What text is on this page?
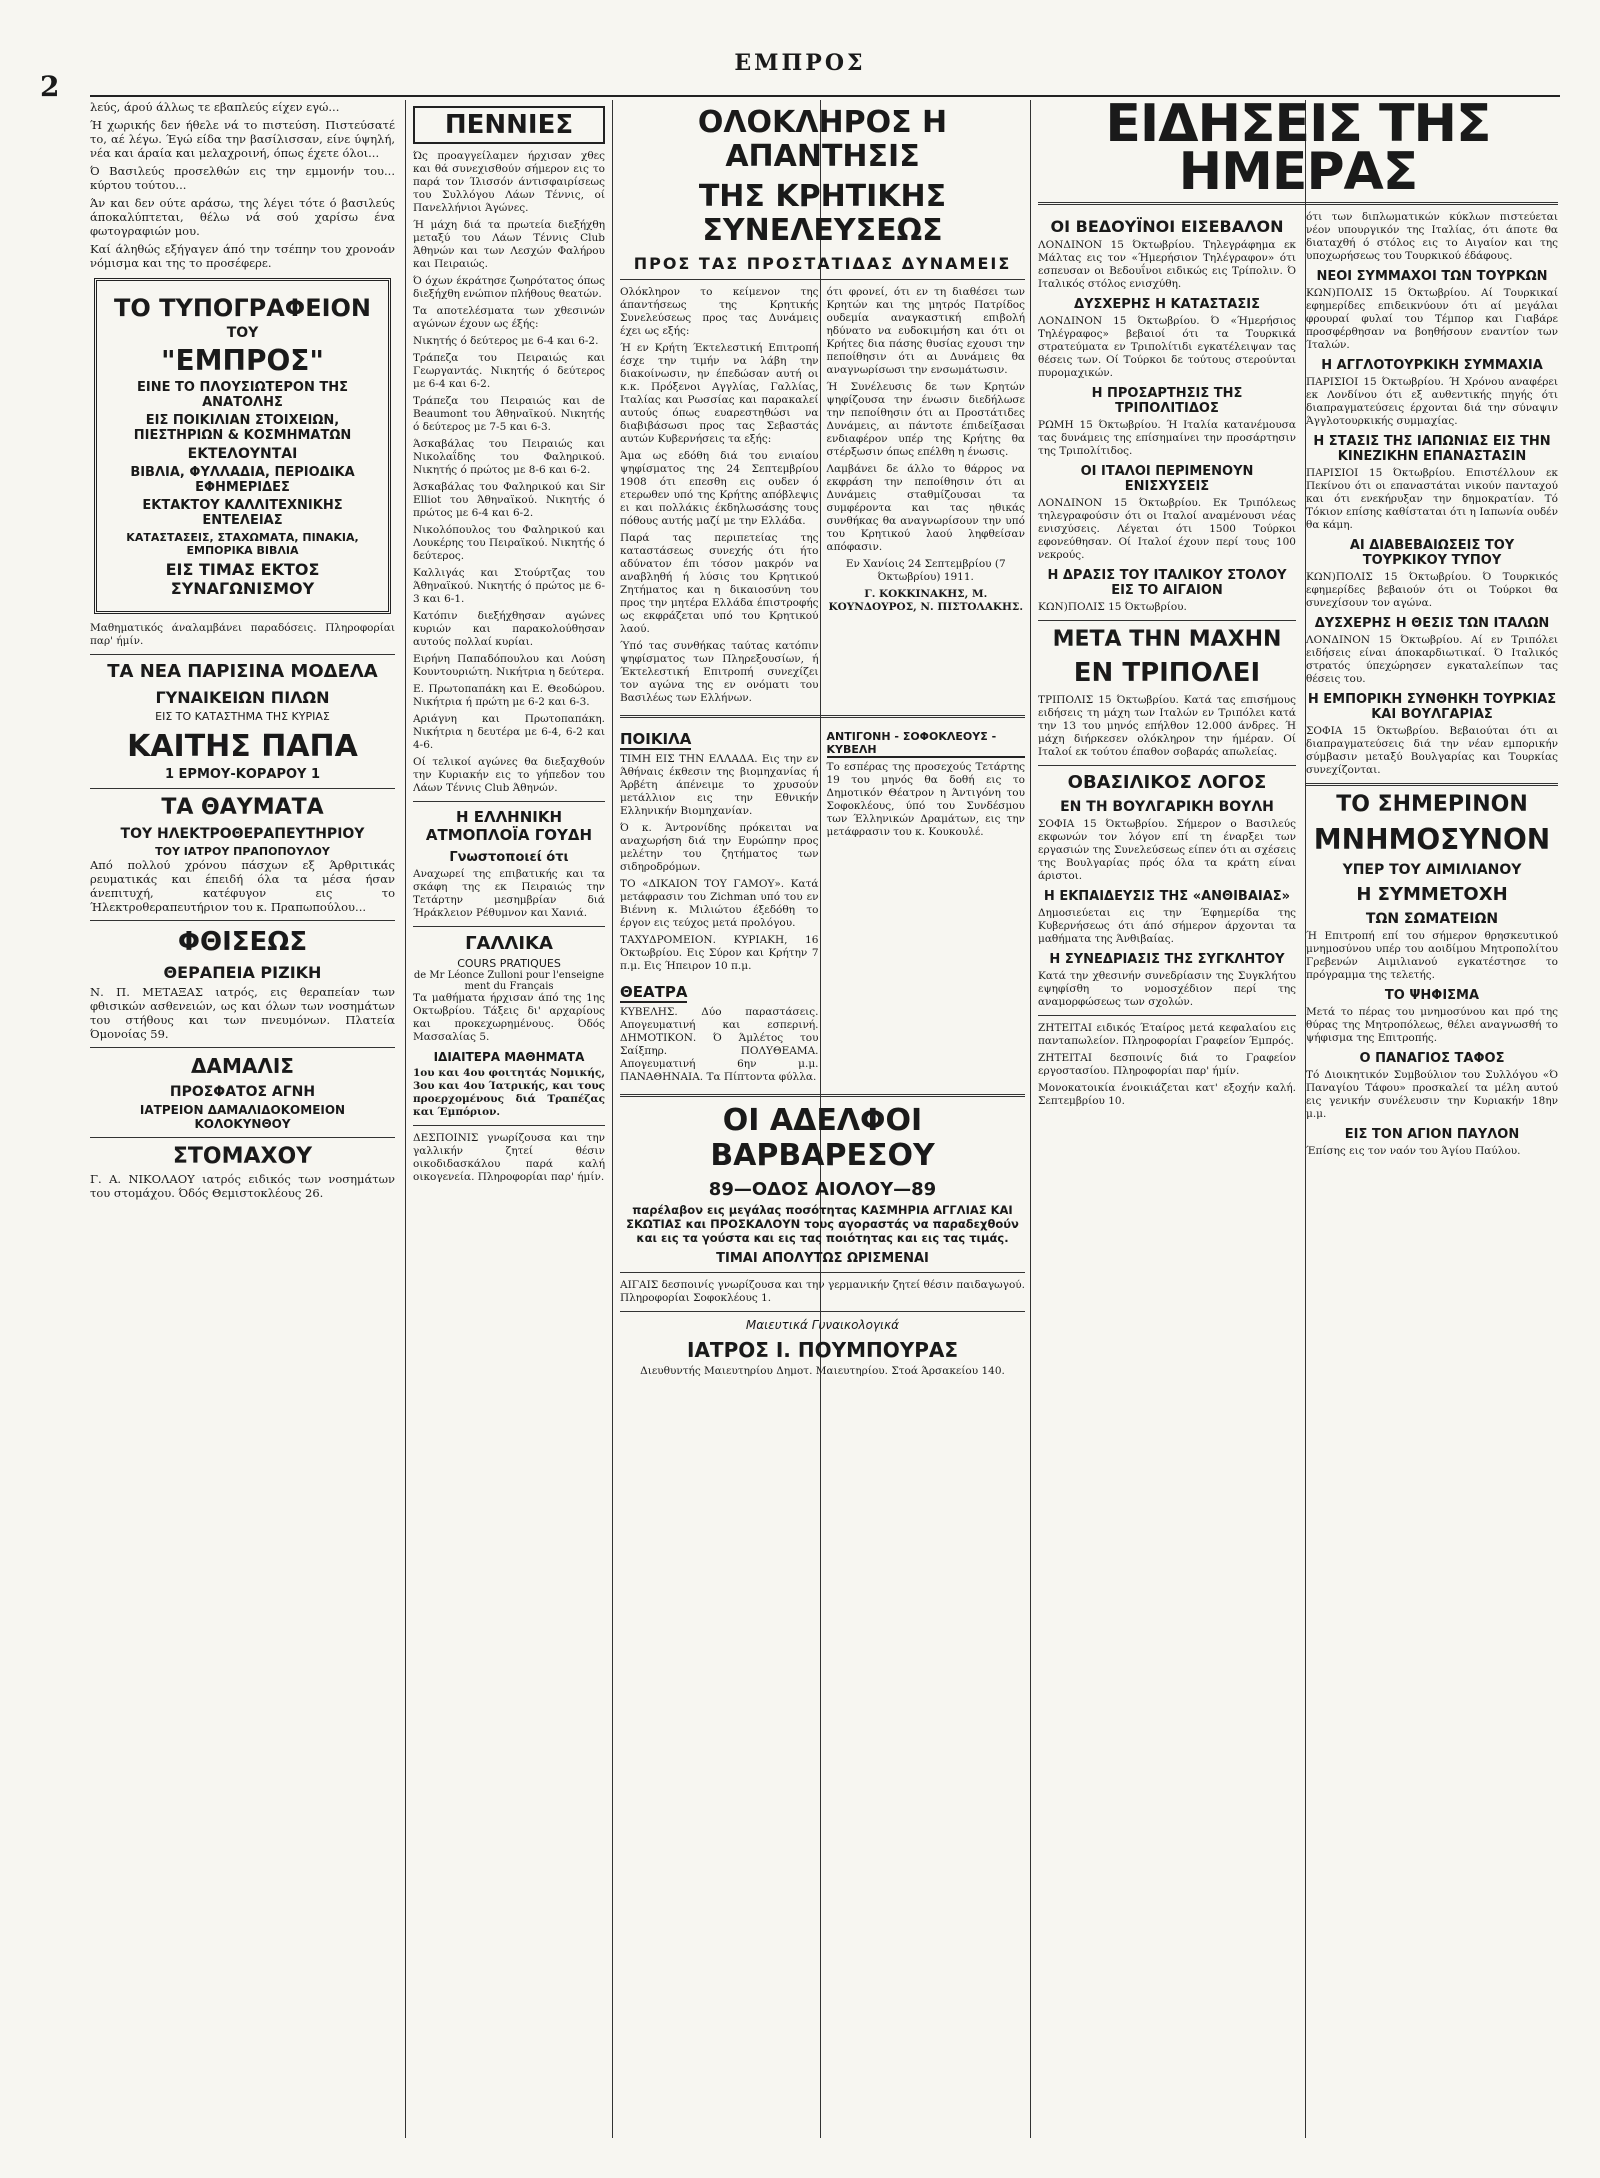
2
ΕΜΠΡΟΣ

λεύς, άρού άλλως τε εβαπλεύς είχεν εγώ...

Ή χωρικής δεν ήθελε νά το πιστεύση. Πιστεύσατέ το, αέ λέγω. Έγώ είδα την βασίλισσαν, είνε ύψηλή, νέα και άραία και μελαχροινή, όπως έχετε όλοι...

Ό Βασιλεύς προσελθών εις την εμμονήν του... κύρτου τούτου...

Άν και δεν ούτε αράσω, της λέγει τότε ό βασιλεύς άποκαλύπτεται, θέλω νά σού χαρίσω ένα φωτογραφιών μου.

Καί άληθώς εξήγαγεν άπό την τσέπην του χρονοάν νόμισμα και της το προσέφερε.

ΤΟ ΤΥΠΟΓΡΑΦΕΙΟΝ

ΤΟΥ

"ΕΜΠΡΟΣ"

ΕΙΝΕ ΤΟ ΠΛΟΥΣΙΩΤΕΡΟΝ ΤΗΣ ΑΝΑΤΟΛΗΣ

ΕΙΣ ΠΟΙΚΙΛΙΑΝ ΣΤΟΙΧΕΙΩΝ, ΠΙΕΣΤΗΡΙΩΝ & ΚΟΣΜΗΜΑΤΩΝ

ΕΚΤΕΛΟΥΝΤΑΙ

ΒΙΒΛΙΑ, ΦΥΛΛΑΔΙΑ, ΠΕΡΙΟΔΙΚΑ ΕΦΗΜΕΡΙΔΕΣ

ΕΚΤΑΚΤΟΥ ΚΑΛΛΙΤΕΧΝΙΚΗΣ ΕΝΤΕΛΕΙΑΣ

ΚΑΤΑΣΤΑΣΕΙΣ, ΣΤΑΧΩΜΑΤΑ, ΠΙΝΑΚΙΑ, ΕΜΠΟΡΙΚΑ ΒΙΒΛΙΑ

ΕΙΣ ΤΙΜΑΣ ΕΚΤΟΣ ΣΥΝΑΓΩΝΙΣΜΟΥ

Μαθηματικός άναλαμβάνει παραδόσεις. Πληροφορίαι παρ' ήμίν.

ΤΑ ΝΕΑ ΠΑΡΙΣΙΝΑ ΜΟΔΕΛΑ
ΓΥΝΑΙΚΕΙΩΝ ΠΙΛΩΝ
ΕΙΣ ΤΟ ΚΑΤΑΣΤΗΜΑ ΤΗΣ ΚΥΡΙΑΣ
ΚΑΙΤΗΣ ΠΑΠΑ
1 ΕΡΜΟΥ-ΚΟΡΑΡΟΥ 1
ΤΑ ΘΑΥΜΑΤΑ
ΤΟΥ ΗΛΕΚΤΡΟΘΕΡΑΠΕΥΤΗΡΙΟΥ
ΤΟΥ ΙΑΤΡΟΥ ΠΡΑΠΟΠΟΥΛΟΥ

Από πολλού χρόνου πάσχων εξ Άρθριτικάς ρευματικάς και έπειδή όλα τα μέσα ήσαν άνεπιτυχή, κατέφυγον εις το Ήλεκτροθεραπευτήριον του κ. Πραπωπούλου...

ΦΘΙΣΕΩΣ
ΘΕΡΑΠΕΙΑ ΡΙΖΙΚΗ

Ν. Π. ΜΕΤΑΞΑΣ ιατρός, εις θεραπείαν των φθισικών ασθενειών, ως και όλων των νοσημάτων του στήθους και των πνευμόνων. Πλατεία Όμονοίας 59.

ΔΑΜΑΛΙΣ
ΠΡΟΣΦΑΤΟΣ ΑΓΝΗ
ΙΑΤΡΕΙΟΝ ΔΑΜΑΛΙΔΟΚΟΜΕΙΟΝ ΚΟΛΟΚΥΝΘΟΥ
ΣΤΟΜΑΧΟΥ

Γ. Α. ΝΙΚΟΛΑΟΥ ιατρός ειδικός των νοσημάτων του στομάχου. Όδός Θεμιστοκλέους 26.

ΠΕΝΝΙΕΣ

Ώς προαγγείλαμεν ήρχισαν χθες και θά συνεχισθούν σήμερον εις το παρά τον Ίλισσόν άντισφαιρίσεως του Συλλόγου Λάων Τέννις, οί Πανελλήνιοι Άγώνες.

Ή μάχη διά τα πρωτεία διεξήχθη μεταξύ του Λάων Τέννις Club Άθηνών και των Λεσχών Φαλήρου και Πειραιώς.

Ό όχων έκράτησε ζωηρότατος όπως διεξήχθη ενώπιον πλήθους θεατών.

Τα αποτελέσματα των χθεσινών αγώνων έχουν ως έξής:

Νικητής ό δεύτερος με 6-4 και 6-2.

Τράπεζα του Πειραιώς και Γεωργαντάς. Νικητής ό δεύτερος με 6-4 και 6-2.

Τράπεζα του Πειραιώς και de Beaumont του Άθηναϊκού. Νικητής ό δεύτερος με 7-5 και 6-3.

Άσκαβάλας του Πειραιώς και Νικολαΐδης του Φαληρικού. Νικητής ό πρώτος με 8-6 και 6-2.

Άσκαβάλας του Φαληρικού και Sir Elliot του Άθηναϊκού. Νικητής ό πρώτος με 6-4 και 6-2.

Νικολόπουλος του Φαληρικού και Λουκέρης του Πειραϊκού. Νικητής ό δεύτερος.

Καλλιγάς και Στούρτζας του Άθηναϊκού. Νικητής ό πρώτος με 6-3 και 6-1.

Κατόπιν διεξήχθησαν αγώνες κυριών και παρακολούθησαν αυτούς πολλαί κυρίαι.

Ειρήνη Παπαδόπουλου και Λούση Κουντουριώτη. Νικήτρια η δεύτερα.

Ε. Πρωτοπαπάκη και Ε. Θεοδώρου. Νικήτρια ή πρώτη με 6-2 και 6-3.

Αριάγνη και Πρωτοπαπάκη. Νικήτρια η δευτέρα με 6-4, 6-2 και 4-6.

Οί τελικοί αγώνες θα διεξαχθούν την Κυριακήν εις το γήπεδον του Λάων Τέννις Club Άθηνών.

Η ΕΛΛΗΝΙΚΗ ΑΤΜΟΠΛΟΪΑ ΓΟΥΔΗ
Γνωστοποιεί ότι

Αναχωρεί της επιβατικής και τα σκάφη της εκ Πειραιώς την Τετάρτην μεσημβρίαν διά Ήράκλειον Ρέθυμνον και Χανιά.

ΓΑΛΛΙΚΑ
COURS PRATIQUES
de Mr Léonce Zulloni pour l'enseigne ment du Français

Τα μαθήματα ήρχισαν άπό της 1ης Οκτωβρίου. Τάξεις δι' αρχαρίους και προκεχωρημένους. Όδός Μασσαλίας 5.

ΙΔΙΑΙΤΕΡΑ ΜΑΘΗΜΑΤΑ

1ου και 4ου φοιτητάς Νομικής, 3ου και 4ου Ίατρικής, και τους προερχομένους διά Τραπέζας και Έμπόριον.

ΔΕΣΠΟΙΝΙΣ γνωρίζουσα και την γαλλικήν ζητεί θέσιν οικοδιδασκάλου παρά καλή οικογενεία. Πληροφορίαι παρ' ήμίν.

ΟΛΟΚΛΗΡΟΣ Η ΑΠΑΝΤΗΣΙΣ
ΤΗΣ ΚΡΗΤΙΚΗΣ ΣΥΝΕΛΕΥΣΕΩΣ
ΠΡΟΣ ΤΑΣ ΠΡΟΣΤΑΤΙΔΑΣ ΔΥΝΑΜΕΙΣ

Ολόκληρον το κείμενον της άπαντήσεως της Κρητικής Συνελεύσεως προς τας Δυνάμεις έχει ως εξής:

Ή εν Κρήτη Έκτελεστική Επιτροπή έσχε την τιμήν να λάβη την διακοίνωσιν, ην έπεδώσαν αυτή οι κ.κ. Πρόξενοι Αγγλίας, Γαλλίας, Ιταλίας και Ρωσσίας και παρακαλεί αυτούς όπως ευαρεστηθώσι να διαβιβάσωσι προς τας Σεβαστάς αυτών Κυβερνήσεις τα εξής:

Άμα ως εδόθη διά του ενιαίου ψηφίσματος της 24 Σεπτεμβρίου 1908 ότι επεσθη εις ουδεν ό ετερωθεν υπό της Κρήτης απόβλεψις ει και πολλάκις έκδηλωσάσης τους πόθους αυτής μαζί με την Ελλάδα.

Παρά τας περιπετείας της καταστάσεως συνεχής ότι ήτο αδύνατον έπι τόσον μακρόν να αναβληθή ή λύσις του Κρητικού Ζητήματος και η δικαιοσύνη του προς την μητέρα Ελλάδα έπιστροφής ως εκφράζεται υπό του Κρητικού λαού.

Ύπό τας συνθήκας ταύτας κατόπιν ψηφίσματος των Πληρεξουσίων, ή Έκτελεστική Επιτροπή συνεχίζει τον αγώνα της εν ονόματι του Βασιλέως των Ελλήνων.

ότι φρονεί, ότι εν τη διαθέσει των Κρητών και της μητρός Πατρίδος ουδεμία αναγκαστική επιβολή ηδύνατο να ευδοκιμήση και ότι οι Κρήτες δια πάσης θυσίας εχουσι την πεποίθησιν ότι αι Δυνάμεις θα αναγνωρίσωσι την ενσωμάτωσιν.

Ή Συνέλευσις δε των Κρητών ψηφίζουσα την ένωσιν διεδήλωσε την πεποίθησιν ότι αι Προστάτιδες Δυνάμεις, αι πάντοτε έπιδείξασαι ενδιαφέρον υπέρ της Κρήτης θα στέρξωσιν όπως επέλθη η ένωσις.

Λαμβάνει δε άλλο το θάρρος να εκφράση την πεποίθησιν ότι αι Δυνάμεις σταθμίζουσαι τα συμφέροντα και τας ηθικάς συνθήκας θα αναγνωρίσουν την υπό του Κρητικού λαού ληφθείσαν απόφασιν.

Εν Χανίοις 24 Σεπτεμβρίου (7 Όκτωβρίου) 1911.

Γ. ΚΟΚΚΙΝΑΚΗΣ, Μ. ΚΟΥΝΔΟΥΡΟΣ, Ν. ΠΙΣΤΟΛΑΚΗΣ.

ΠΟΙΚΙΛΑ

ΤΙΜΗ ΕΙΣ ΤΗΝ ΕΛΛΑΔΑ. Εις την εν Άθήναις έκθεσιν της βιομηχανίας ή Άρβέτη άπένειμε το χρυσούν μετάλλιον εις την Εθνικήν Ελληνικήν Βιομηχανίαν.

Ό κ. Άντρονίδης πρόκειται να αναχωρήση διά την Ευρώπην προς μελέτην του ζητήματος των σιδηροδρόμων.

ΤΟ «ΔΙΚΑΙΟΝ ΤΟΥ ΓΑΜΟΥ». Κατά μετάφρασιν του Zichman υπό του εν Βιέννη κ. Μιλιώτου έξεδόθη το έργον εις τεύχος μετά προλόγου.

ΤΑΧΥΔΡΟΜΕΙΟΝ. ΚΥΡΙΑΚΗ, 16 Όκτωβρίου. Εις Σύρον και Κρήτην 7 π.μ. Εις Ήπειρον 10 π.μ.

ΘΕΑΤΡΑ

ΚΥΒΕΛΗΣ. Δύο παραστάσεις. Απογευματινή και εσπερινή. ΔΗΜΟΤΙΚΟΝ. Ό Άμλέτος του Σαίξπηρ. ΠΟΛΥΘΕΑΜΑ. Απογευματινή 6ην μ.μ. ΠΑΝΑΘΗΝΑΙΑ. Τα Πίπτοντα φύλλα.

ΑΝΤΙΓΟΝΗ - ΣΟΦΟΚΛΕΟΥΣ - ΚΥΒΕΛΗ

Το εσπέρας της προσεχούς Τετάρτης 19 του μηνός θα δοθή εις το Δημοτικόν Θέατρον η Άντιγόνη του Σοφοκλέους, ύπό του Συνδέσμου των Έλληνικών Δραμάτων, εις την μετάφρασιν του κ. Κουκουλέ.

ΟΙ ΑΔΕΛΦΟΙ ΒΑΡΒΑΡΕΣΟΥ
89—ΟΔΟΣ ΑΙΟΛΟΥ—89

παρέλαβον εις μεγάλας ποσότητας ΚΑΣΜΗΡΙΑ ΑΓΓΛΙΑΣ ΚΑΙ ΣΚΩΤΙΑΣ και ΠΡΟΣΚΑΛΟΥΝ τους αγοραστάς να παραδεχθούν και εις τα γούστα και εις τας ποιότητας και εις τας τιμάς.

ΤΙΜΑΙ ΑΠΟΛΥΤΩΣ ΩΡΙΣΜΕΝΑΙ

ΑΙΓΑΙΣ δεσποινίς γνωρίζουσα και την γερμανικήν ζητεί θέσιν παιδαγωγού. Πληροφορίαι Σοφοκλέους 1.

Μαιευτικά Γυναικολογικά
ΙΑΤΡΟΣ Ι. ΠΟΥΜΠΟΥΡΑΣ

Διευθυντής Μαιευτηρίου Δημοτ. Μαιευτηρίου. Στοά Άρσακείου 140.

ΕΙΔΗΣΕΙΣ ΤΗΣ ΗΜΕΡΑΣ
ΟΙ ΒΕΔΟΥΪΝΟΙ ΕΙΣΕΒΑΛΟΝ

ΛΟΝΔΙΝΟΝ 15 Όκτωβρίου. Τηλεγράφημα εκ Μάλτας εις τον «Ήμερήσιον Τηλέγραφον» ότι εσπευσαν οι Βεδουΐνοι ειδικώς εις Τρίπολιν. Ό Ιταλικός στόλος ενισχύθη.

ΔΥΣΧΕΡΗΣ Η ΚΑΤΑΣΤΑΣΙΣ

ΛΟΝΔΙΝΟΝ 15 Όκτωβρίου. Ό «Ήμερήσιος Τηλέγραφος» βεβαιοί ότι τα Τουρκικά στρατεύματα εν Τριπολίτιδι εγκατέλειψαν τας θέσεις των. Οί Τούρκοι δε τούτους στερούνται πυρομαχικών.

Η ΠΡΟΣΑΡΤΗΣΙΣ ΤΗΣ ΤΡΙΠΟΛΙΤΙΔΟΣ

ΡΩΜΗ 15 Όκτωβρίου. Ή Ιταλία κατανέμουσα τας δυνάμεις της επίσημαίνει την προσάρτησιν της Τριπολίτιδος.

ΟΙ ΙΤΑΛΟΙ ΠΕΡΙΜΕΝΟΥΝ ΕΝΙΣΧΥΣΕΙΣ

ΛΟΝΔΙΝΟΝ 15 Όκτωβρίου. Εκ Τριπόλεως τηλεγραφούσιν ότι οι Ιταλοί αναμένουσι νέας ενισχύσεις. Λέγεται ότι 1500 Τούρκοι εφονεύθησαν. Οί Ιταλοί έχουν περί τους 100 νεκρούς.

Η ΔΡΑΣΙΣ ΤΟΥ ΙΤΑΛΙΚΟΥ ΣΤΟΛΟΥ ΕΙΣ ΤΟ ΑΙΓΑΙΟΝ

ΚΩΝ)ΠΟΛΙΣ 15 Όκτωβρίου.

ΜΕΤΑ ΤΗΝ ΜΑΧΗΝ
ΕΝ ΤΡΙΠΟΛΕΙ

ΤΡΙΠΟΛΙΣ 15 Όκτωβρίου. Κατά τας επισήμους ειδήσεις τη μάχη των Ιταλών εν Τριπόλει κατά την 13 του μηνός επήλθον 12.000 άνδρες. Ή μάχη διήρκεσεν ολόκληρον την ήμέραν. Οί Ιταλοί εκ τούτου έπαθον σοβαράς απωλείας.

ΟΒΑΣΙΛΙΚΟΣ ΛΟΓΟΣ
ΕΝ ΤΗ ΒΟΥΛΓΑΡΙΚΗ ΒΟΥΛΗ

ΣΟΦΙΑ 15 Όκτωβρίου. Σήμερον ο Βασιλεύς εκφωνών τον λόγον επί τη έναρξει των εργασιών της Συνελεύσεως είπεν ότι αι σχέσεις της Βουλγαρίας πρός όλα τα κράτη είναι άριστοι.

Η ΕΚΠΑΙΔΕΥΣΙΣ ΤΗΣ «ΑΝΘΙΒΑΙΑΣ»

Δημοσιεύεται εις την Έφημερίδα της Κυβερνήσεως ότι άπό σήμερον άρχονται τα μαθήματα της Άνθιβαίας.

Η ΣΥΝΕΔΡΙΑΣΙΣ ΤΗΣ ΣΥΓΚΛΗΤΟΥ

Κατά την χθεσινήν συνεδρίασιν της Συγκλήτου εψηφίσθη το νομοσχέδιον περί της αναμορφώσεως των σχολών.

ΖΗΤΕΙΤΑΙ ειδικός Έταίρος μετά κεφαλαίου εις πανταπωλείον. Πληροφορίαι Γραφείον Έμπρός.

ΖΗΤΕΙΤΑΙ δεσποινίς διά το Γραφείον εργοστασίου. Πληροφορίαι παρ' ήμίν.

Μονοκατοικία ένοικιάζεται κατ' εξοχήν καλή. Σεπτεμβρίου 10.

ότι των διπλωματικών κύκλων πιστεύεται νέον υπουργικόν της Ιταλίας, ότι άποτε θα διαταχθή ό στόλος εις το Αιγαίον και της υποχωρήσεως του Τουρκικού έδάφους.

ΝΕΟΙ ΣΥΜΜΑΧΟΙ ΤΩΝ ΤΟΥΡΚΩΝ

ΚΩΝ)ΠΟΛΙΣ 15 Όκτωβρίου. Αί Τουρκικαί εφημερίδες επιδεικνύουν ότι αί μεγάλαι φρουραί φυλαί του Τέμπορ και Γιαβάρε προσφέρθησαν να βοηθήσουν εναντίον των Ίταλών.

Η ΑΓΓΛΟΤΟΥΡΚΙΚΗ ΣΥΜΜΑΧΙΑ

ΠΑΡΙΣΙΟΙ 15 Όκτωβρίου. Ή Χρόνου αναφέρει εκ Λονδίνου ότι εξ αυθεντικής πηγής ότι διαπραγματεύσεις έρχονται διά την σύναψιν Άγγλοτουρκικής συμμαχίας.

Η ΣΤΑΣΙΣ ΤΗΣ ΙΑΠΩΝΙΑΣ ΕΙΣ ΤΗΝ ΚΙΝΕΖΙΚΗΝ ΕΠΑΝΑΣΤΑΣΙΝ

ΠΑΡΙΣΙΟΙ 15 Όκτωβρίου. Επιστέλλουν εκ Πεκίνου ότι οι επαναστάται νικούν πανταχού και ότι ενεκήρυξαν την δημοκρατίαν. Τό Τόκιον επίσης καθίσταται ότι η Ιαπωνία ουδέν θα κάμη.

ΑΙ ΔΙΑΒΕΒΑΙΩΣΕΙΣ ΤΟΥ ΤΟΥΡΚΙΚΟΥ ΤΥΠΟΥ

ΚΩΝ)ΠΟΛΙΣ 15 Όκτωβρίου. Ό Τουρκικός εφημερίδες βεβαιούν ότι οι Τούρκοι θα συνεχίσουν τον αγώνα.

ΔΥΣΧΕΡΗΣ Η ΘΕΣΙΣ ΤΩΝ ΙΤΑΛΩΝ

ΛΟΝΔΙΝΟΝ 15 Όκτωβρίου. Αί εν Τριπόλει ειδήσεις είναι άποκαρδιωτικαί. Ό Ιταλικός στρατός ύπεχώρησεν εγκαταλείπων τας θέσεις του.

Η ΕΜΠΟΡΙΚΗ ΣΥΝΘΗΚΗ ΤΟΥΡΚΙΑΣ ΚΑΙ ΒΟΥΛΓΑΡΙΑΣ

ΣΟΦΙΑ 15 Όκτωβρίου. Βεβαιούται ότι αι διαπραγματεύσεις διά την νέαν εμπορικήν σύμβασιν μεταξύ Βουλγαρίας και Τουρκίας συνεχίζονται.

ΤΟ ΣΗΜΕΡΙΝΟΝ
ΜΝΗΜΟΣΥΝΟΝ
ΥΠΕΡ ΤΟΥ ΑΙΜΙΛΙΑΝΟΥ
Η ΣΥΜΜΕΤΟΧΗ
ΤΩΝ ΣΩΜΑΤΕΙΩΝ

Ή Επιτροπή επί του σήμερον θρησκευτικού μνημοσύνου υπέρ του αοιδίμου Μητροπολίτου Γρεβενών Αιμιλιανού εγκατέστησε το πρόγραμμα της τελετής.

ΤΟ ΨΗΦΙΣΜΑ

Μετά το πέρας του μνημοσύνου και πρό της θύρας της Μητροπόλεως, θέλει αναγνωσθή το ψήφισμα της Επιτροπής.

Ο ΠΑΝΑΓΙΟΣ ΤΑΦΟΣ

Τό Διοικητικόν Συμβούλιον του Συλλόγου «Ό Παναγίου Τάφου» προσκαλεί τα μέλη αυτού εις γενικήν συνέλευσιν την Κυριακήν 18ην μ.μ.

ΕΙΣ ΤΟΝ ΑΓΙΟΝ ΠΑΥΛΟΝ

Έπίσης εις τον ναόν του Άγίου Παύλου.
